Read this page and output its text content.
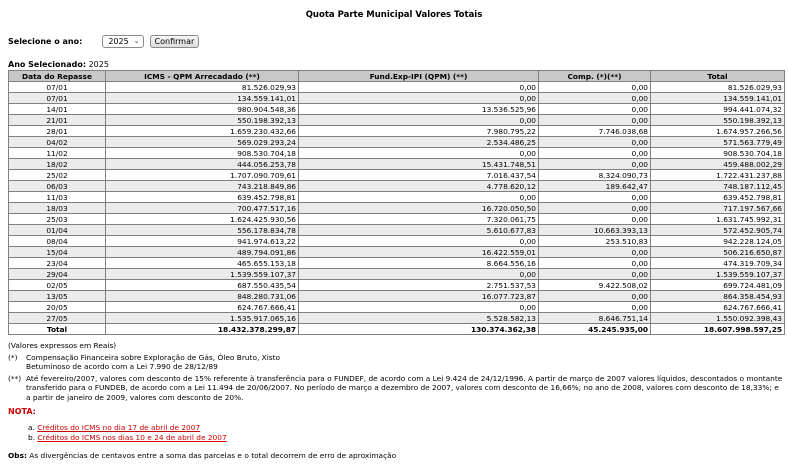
Quota Parte Municipal Valores Totais
Selecione o ano:	2025 ⌄	Confirmar
Ano Selecionado: 2025
Data do Repasse	ICMS - QPM Arrecadado (**)	Fund.Exp-IPI (QPM) (**)	Comp. (*)(**)	Total
07/01	81.526.029,93	0,00	0,00	81.526.029,93
07/01	134.559.141,01	0,00	0,00	134.559.141,01
14/01	980.904.548,36	13.536.525,96	0,00	994.441.074,32
21/01	550.198.392,13	0,00	0,00	550.198.392,13
28/01	1.659.230.432,66	7.980.795,22	7.746.038,68	1.674.957.266,56
04/02	569.029.293,24	2.534.486,25	0,00	571.563.779,49
11/02	908.530.704,18	0,00	0,00	908.530.704,18
18/02	444.056.253,78	15.431.748,51	0,00	459.488.002,29
25/02	1.707.090.709,61	7.016.437,54	8.324.090,73	1.722.431.237,88
06/03	743.218.849,86	4.778.620,12	189.642,47	748.187.112,45
11/03	639.452.798,81	0,00	0,00	639.452.798,81
18/03	700.477.517,16	16.720.050,50	0,00	717.197.567,66
25/03	1.624.425.930,56	7.320.061,75	0,00	1.631.745.992,31
01/04	556.178.834,78	5.610.677,83	10.663.393,13	572.452.905,74
08/04	941.974.613,22	0,00	253.510,83	942.228.124,05
15/04	489.794.091,86	16.422.559,01	0,00	506.216.650,87
23/04	465.655.153,18	8.664.556,16	0,00	474.319.709,34
29/04	1.539.559.107,37	0,00	0,00	1.539.559.107,37
02/05	687.550.435,54	2.751.537,53	9.422.508,02	699.724.481,09
13/05	848.280.731,06	16.077.723,87	0,00	864.358.454,93
20/05	624.767.666,41	0,00	0,00	624.767.666,41
27/05	1.535.917.065,16	5.528.582,13	8.646.751,14	1.550.092.398,43
Total	18.432.378.299,87	130.374.362,38	45.245.935,00	18.607.998.597,25
(Valores expressos em Reais)
(*)	Compensação Financeira sobre Exploração de Gás, Óleo Bruto, Xisto Betuminoso de acordo com a Lei 7.990 de 28/12/89
(**) Até fevereiro/2007, valores com desconto de 15% referente à transferência para o FUNDEF, de acordo com a Lei 9.424 de 24/12/1996. A partir de março de 2007 valores líquidos, descontados o montante transferido para o FUNDEB, de acordo com a Lei 11.494 de 20/06/2007. No período de março a dezembro de 2007, valores com desconto de 16,66%; no ano de 2008, valores com desconto de 18,33%; e a partir de janeiro de 2009, valores com desconto de 20%.
NOTA:
a. Créditos do ICMS no dia 17 de abril de 2007
b. Créditos do ICMS nos dias 10 e 24 de abril de 2007
Obs: As divergências de centavos entre a soma das parcelas e o total decorrem de erro de aproximação
